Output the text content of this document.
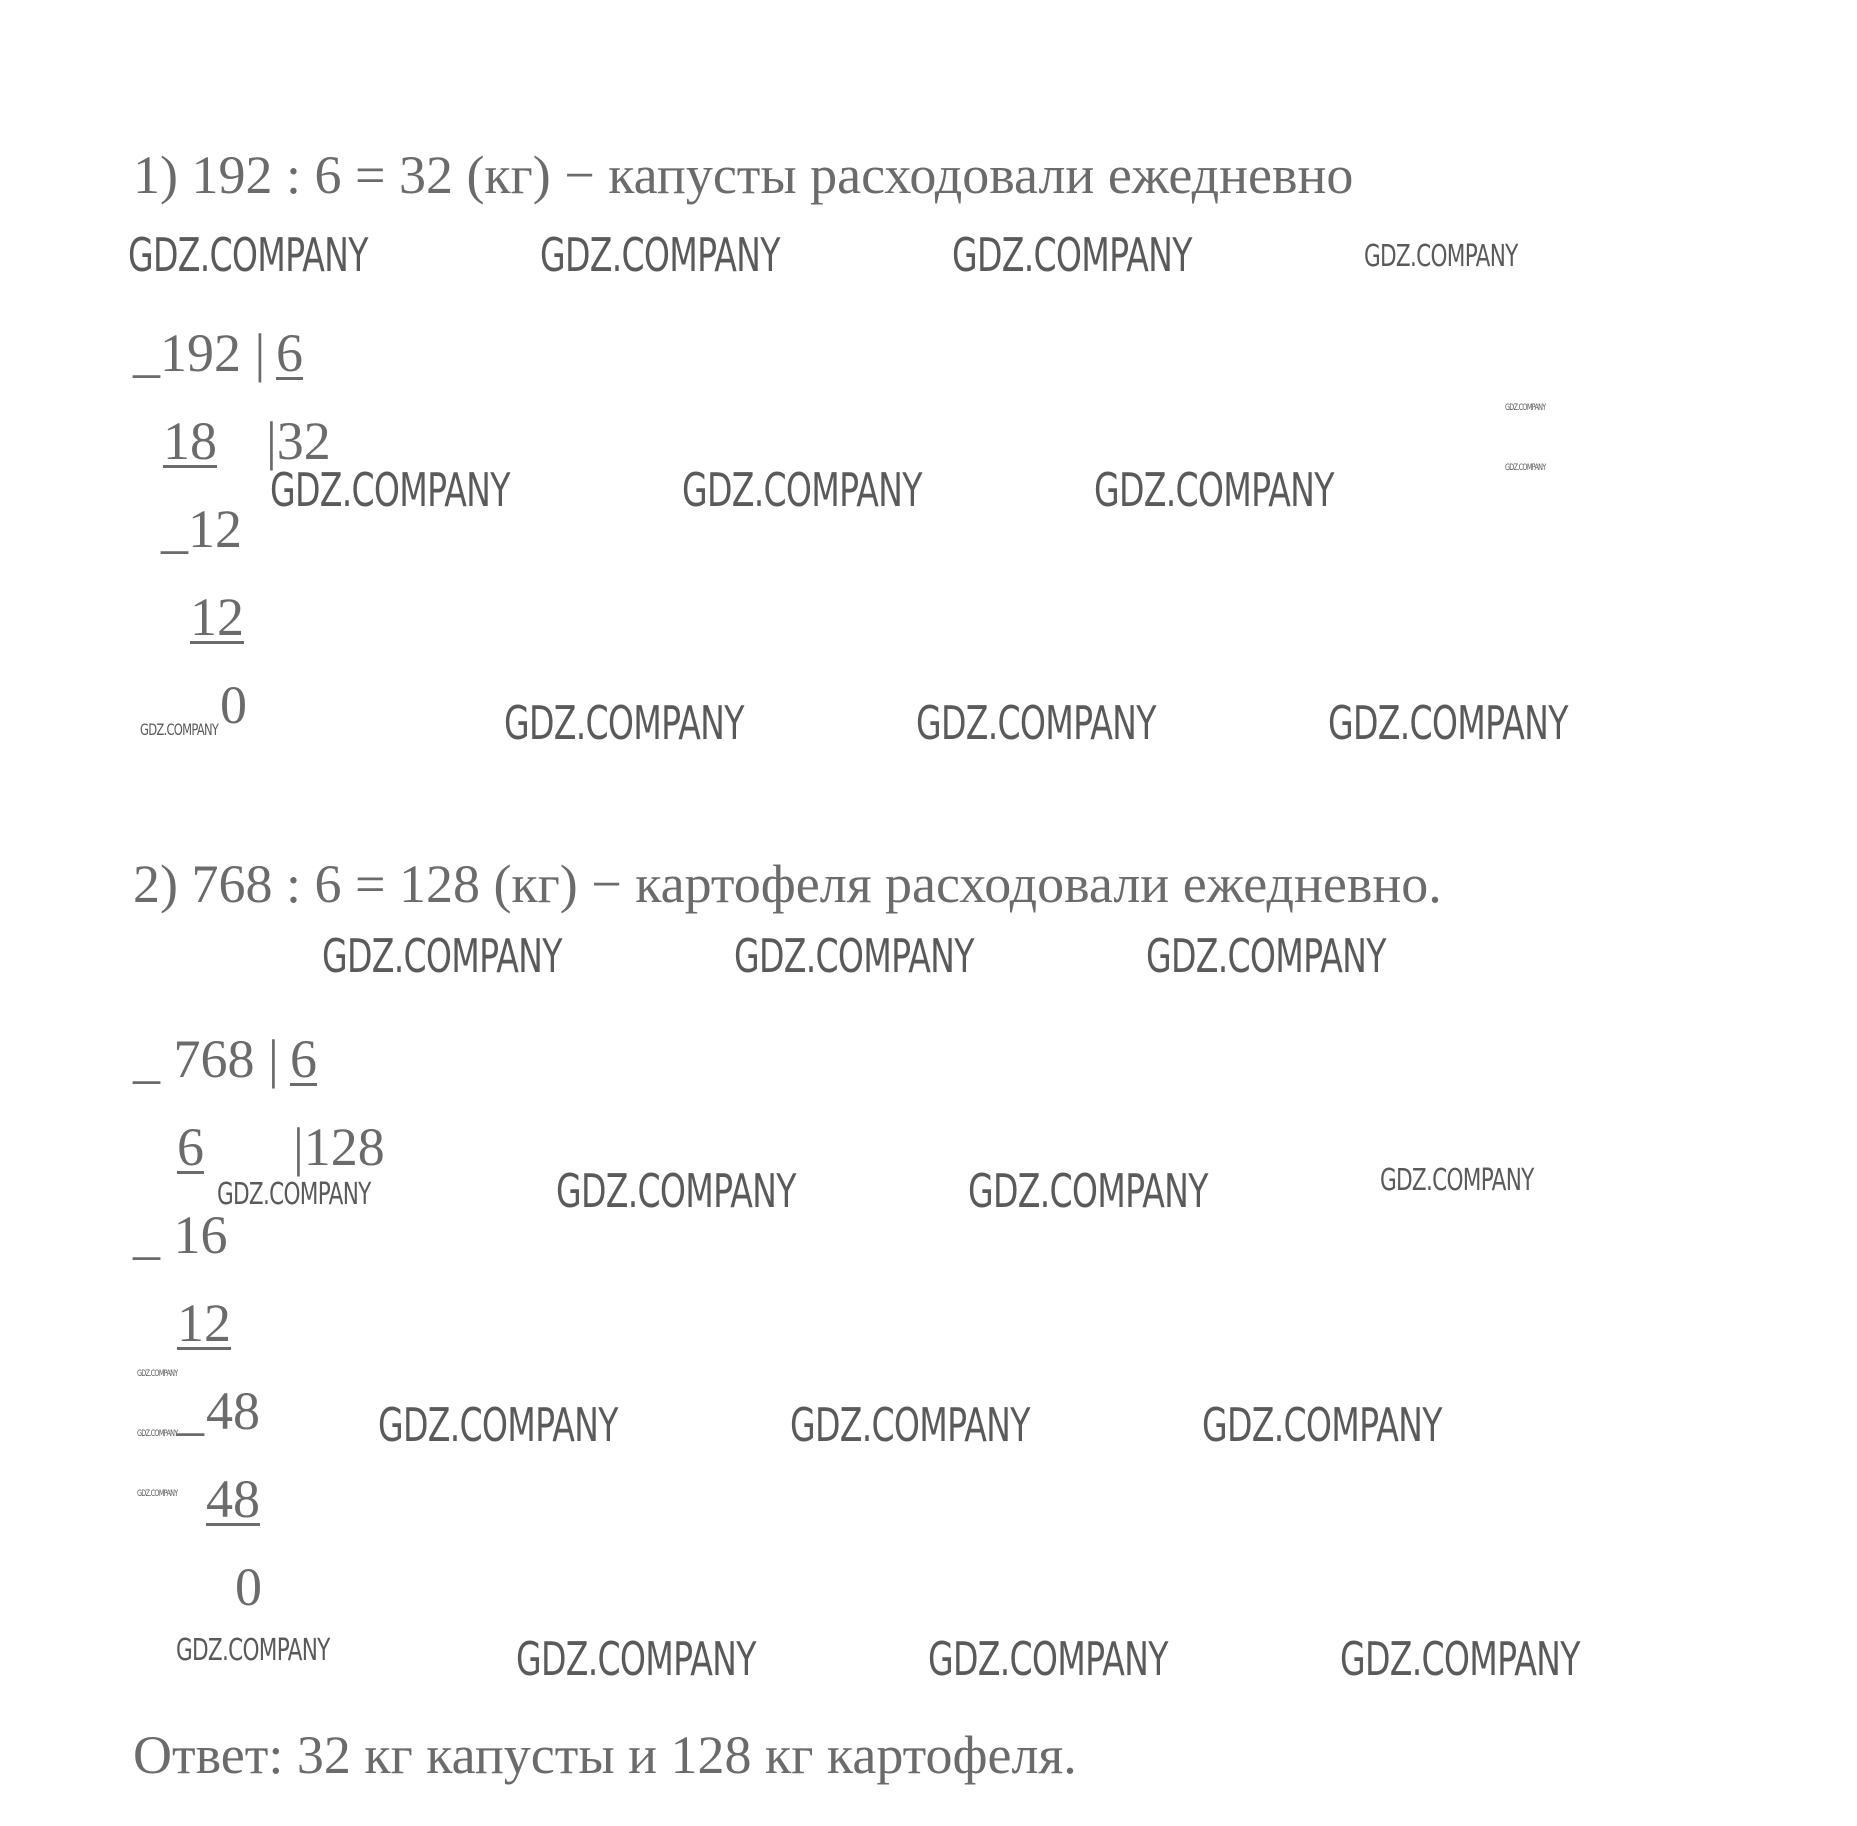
1) 192 : 6 = 32 (кг) − капусты расходовали ежедневно
_192 | 6
18 |32
_12
12
0
2) 768 : 6 = 128 (кг) − картофеля расходовали ежедневно.
_ 768 | 6
6	|128
_ 16
12
_ 48
48
0
Ответ: 32 кг капусты и 128 кг картофеля.
GDZ.COMPANY	GDZ.COMPANY	GDZ.COMPANY	GDZ.COMPANY
GDZ.COMPANY
GDZ.COMPANY
GDZ.COMPANY	GDZ.COMPANY	GDZ.COMPANY
GDZ.COMPANY	GDZ.COMPANY	GDZ.COMPANY	GDZ.COMPANY
GDZ.COMPANY	GDZ.COMPANY	GDZ.COMPANY
GDZ.COMPANY	GDZ.COMPANY	GDZ.COMPANY	GDZ.COMPANY
GDZ.COMPANY
GDZ.COMPANY
GDZ.COMPANY
GDZ.COMPANY	GDZ.COMPANY	GDZ.COMPANY
GDZ.COMPANY	GDZ.COMPANY	GDZ.COMPANY	GDZ.COMPANY
